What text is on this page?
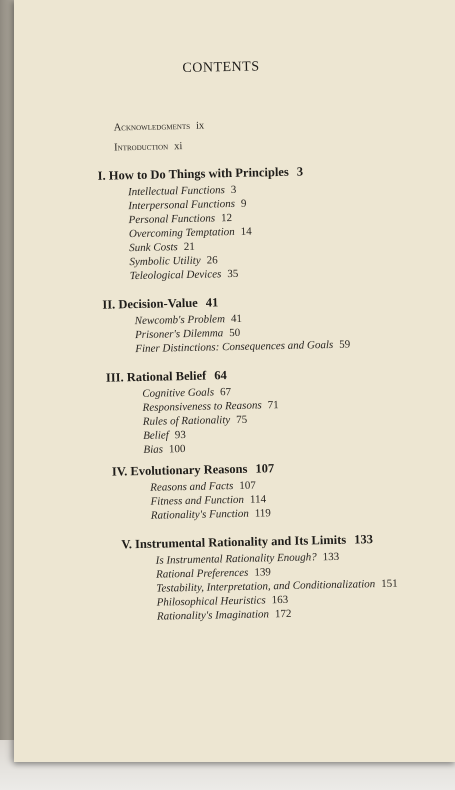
CONTENTS
Acknowledgments ix
Introduction xi
I. How to Do Things with Principles 3
Intellectual Functions 3
Interpersonal Functions 9
Personal Functions 12
Overcoming Temptation 14
Sunk Costs 21
Symbolic Utility 26
Teleological Devices 35
II. Decision-Value 41
Newcomb's Problem 41
Prisoner's Dilemma 50
Finer Distinctions: Consequences and Goals 59
III. Rational Belief 64
Cognitive Goals 67
Responsiveness to Reasons 71
Rules of Rationality 75
Belief 93
Bias 100
IV. Evolutionary Reasons 107
Reasons and Facts 107
Fitness and Function 114
Rationality's Function 119
V. Instrumental Rationality and Its Limits 133
Is Instrumental Rationality Enough? 133
Rational Preferences 139
Testability, Interpretation, and Conditionalization 151
Philosophical Heuristics 163
Rationality's Imagination 172
